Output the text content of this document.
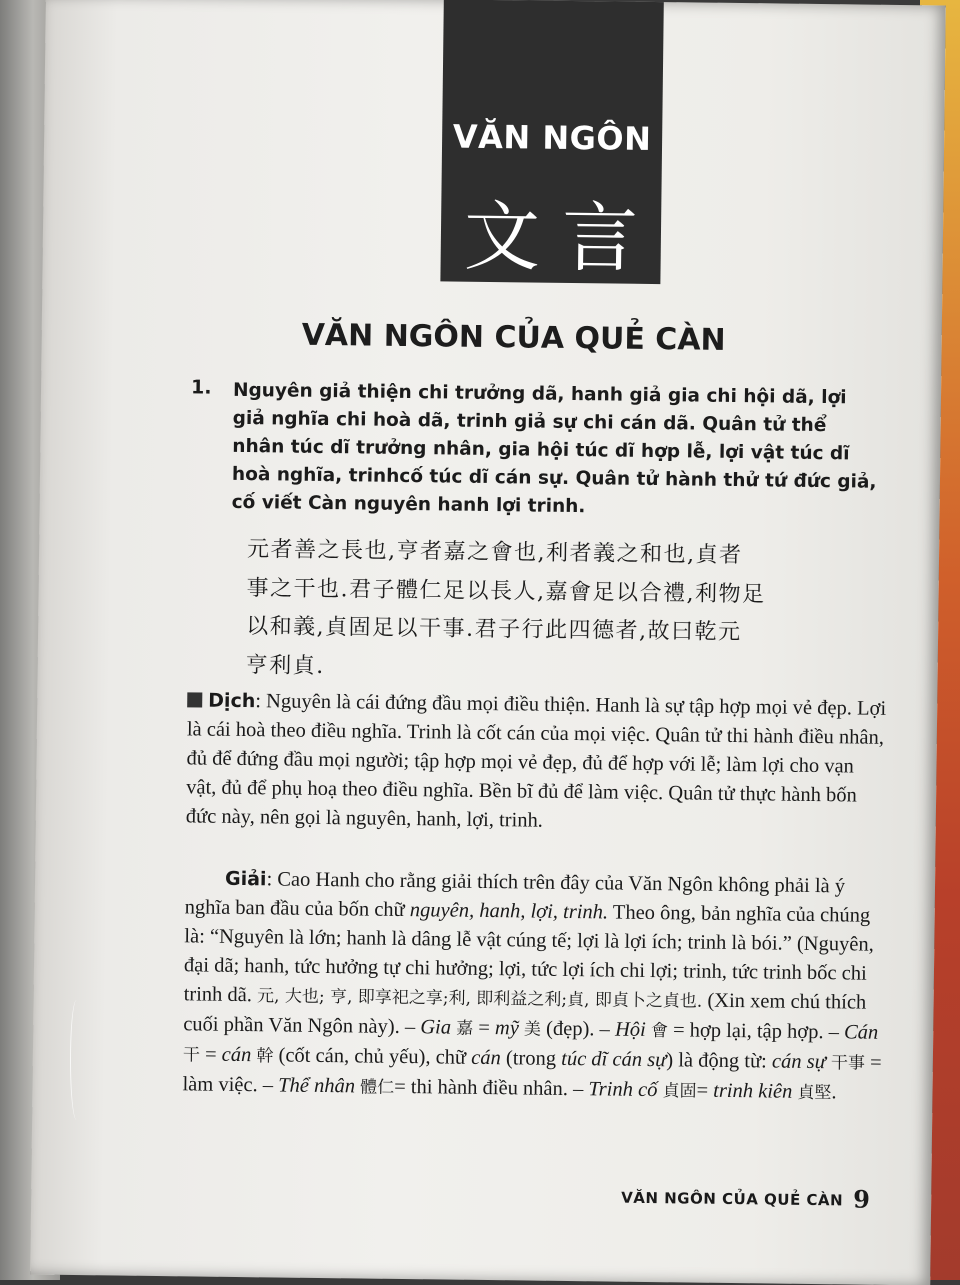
VĂN NGÔN
文言
VĂN NGÔN CỦA QUẺ CÀN
1. Nguyên giả thiện chi trưởng dã, hanh giả gia chi hội dã, lợi giả nghĩa chi hoà dã, trinh giả sự chi cán dã. Quân tử thể nhân túc dĩ trưởng nhân, gia hội túc dĩ hợp lễ, lợi vật túc dĩ hoà nghĩa, trinhcố túc dĩ cán sự. Quân tử hành thử tứ đức giả, cố viết Càn nguyên hanh lợi trinh.
元者善之長也,亨者嘉之會也,利者義之和也,貞者
事之干也.君子體仁足以長人,嘉會足以合禮,利物足
以和義,貞固足以干事.君子行此四德者,故曰乾元
亨利貞.

Dịch: Nguyên là cái đứng đầu mọi điều thiện. Hanh là sự tập hợp mọi vẻ đẹp. Lợi là cái hoà theo điều nghĩa. Trinh là cốt cán của mọi việc. Quân tử thi hành điều nhân, đủ để đứng đầu mọi người; tập hợp mọi vẻ đẹp, đủ để hợp với lễ; làm lợi cho vạn vật, đủ để phụ hoạ theo điều nghĩa. Bền bĩ đủ để làm việc. Quân tử thực hành bốn đức này, nên gọi là nguyên, hanh, lợi, trinh.

Giải: Cao Hanh cho rằng giải thích trên đây của Văn Ngôn không phải là ý nghĩa ban đầu của bốn chữ nguyên, hanh, lợi, trinh. Theo ông, bản nghĩa của chúng là: “Nguyên là lớn; hanh là dâng lễ vật cúng tế; lợi là lợi ích; trinh là bói.” (Nguyên, đại dã; hanh, tức hưởng tự chi hưởng; lợi, tức lợi ích chi lợi; trinh, tức trinh bốc chi trinh dã. 元, 大也; 亨, 即享祀之享;利, 即利益之利;貞, 即貞卜之貞也. (Xin xem chú thích cuối phần Văn Ngôn này). – Gia 嘉 = mỹ 美 (đẹp). – Hội 會 = hợp lại, tập hợp. – Cán 干 = cán 幹 (cốt cán, chủ yếu), chữ cán (trong túc dĩ cán sự) là động từ: cán sự 干事 = làm việc. – Thể nhân 體仁= thi hành điều nhân. – Trinh cố 貞固= trinh kiên 貞堅.

VĂN NGÔN CỦA QUẺ CÀN 9
